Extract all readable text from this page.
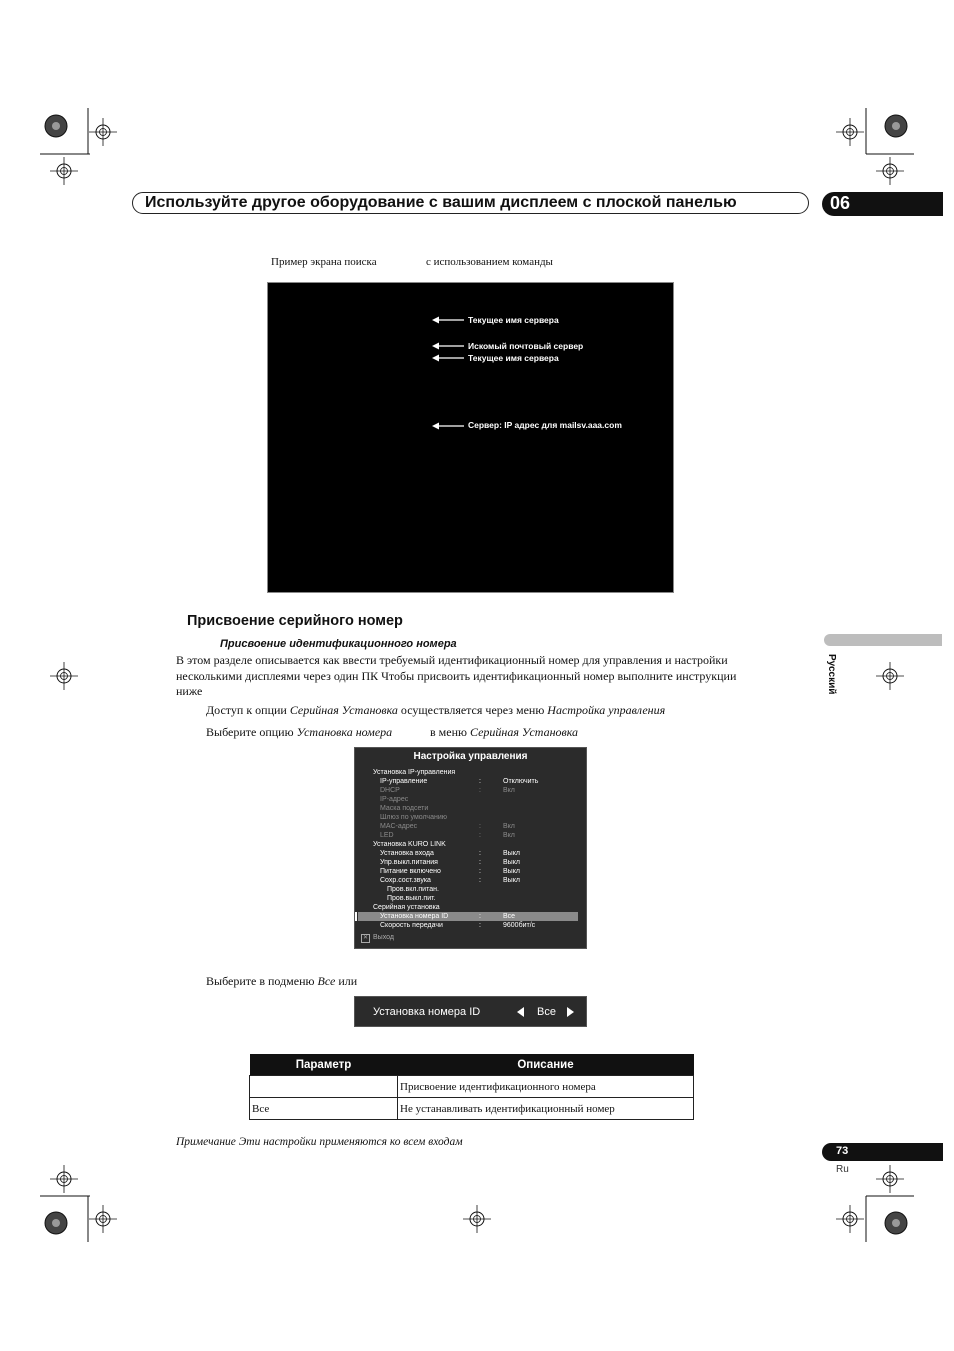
Используйте другое оборудование с вашим дисплеем с плоской панелью	06
Пример экрана поиска	с использованием команды
Текущее имя сервера
Искомый почтовый сервер
Текущее имя сервера
Сервер: IP адрес для mailsv.aaa.com
Присвоение серийного номер
Присвоение идентификационного номера
В этом разделе описывается как ввести требуемый идентификационный номер для управления и настройки
несколькими дисплеями через один ПК Чтобы присвоить идентификационный номер выполните инструкции
ниже
Доступ к опции Серийная Установка осуществляется через меню Настройка управления
Выберите опцию Установка номера	в меню Серийная Установка
Русский
Настройка управления
Установка IP-управления
IP-управление	:	Отключить
DHCP	:	Вкл
IP-адрес
Маска подсети
Шлюз по умолчанию
MAC-адрес	:	Вкл
LED	:	Вкл
Установка KURO LINK
Установка входа	:	Выкл
Упр.выкл.питания	:	Выкл
Питание включено	:	Выкл
Сохр.сост.звука	:	Выкл
Пров.вкл.питан.
Пров.выкл.пит.
Серийная установка
Установка номера ID	:	Все
Скорость передачи	:	9600бит/с
✕ Выход
Выберите в подменю Все или
Установка номера ID	Все
Параметр	Описание
	Присвоение идентификационного номера
Все	Не устанавливать идентификационный номер
Примечание Эти настройки применяются ко всем входам
73
Ru
